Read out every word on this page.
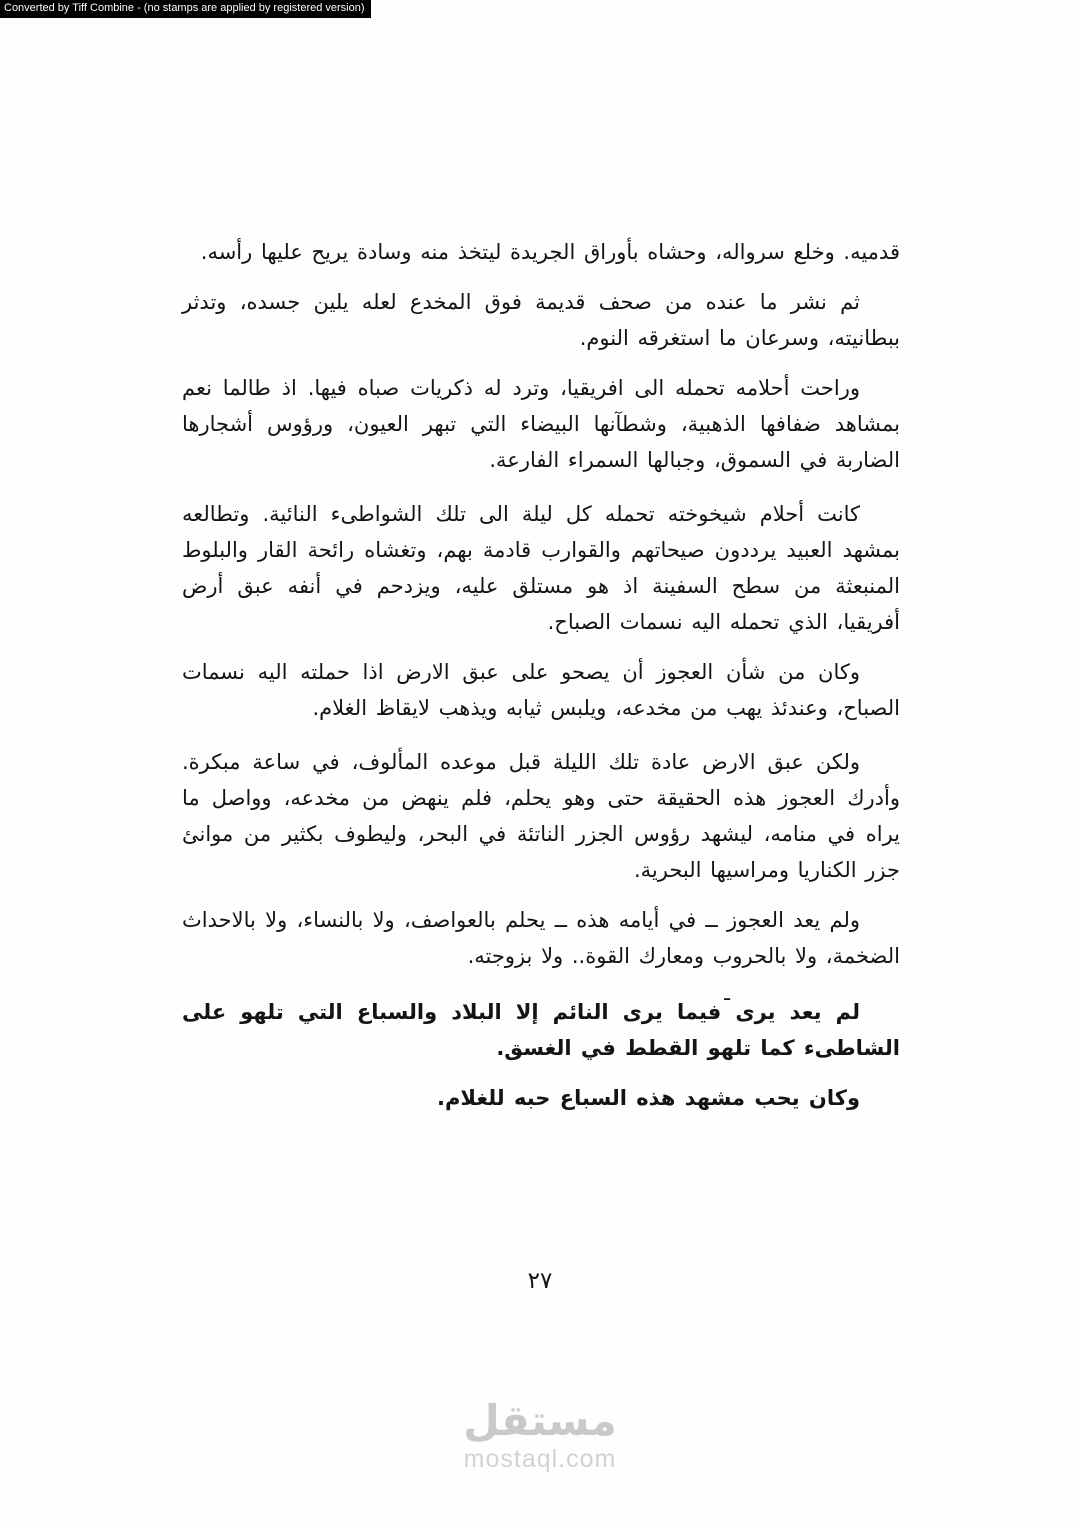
Converted by Tiff Combine - (no stamps are applied by registered version)

قدميه. وخلع سرواله، وحشاه بأوراق الجريدة ليتخذ منه وسادة يريح عليها رأسه.

ثم نشر ما عنده من صحف قديمة فوق المخدع لعله يلين جسده، وتدثر ببطانيته، وسرعان ما استغرقه النوم.

وراحت أحلامه تحمله الى افريقيا، وترد له ذكريات صباه فيها. اذ طالما نعم بمشاهد ضفافها الذهبية، وشطآنها البيضاء التي تبهر العيون، ورؤوس أشجارها الضاربة في السموق، وجبالها السمراء الفارعة.

كانت أحلام شيخوخته تحمله كل ليلة الى تلك الشواطىء النائية. وتطالعه بمشهد العبيد يرددون صيحاتهم والقوارب قادمة بهم، وتغشاه رائحة القار والبلوط المنبعثة من سطح السفينة اذ هو مستلق عليه، ويزدحم في أنفه عبق أرض أفريقيا، الذي تحمله اليه نسمات الصباح.

وكان من شأن العجوز أن يصحو على عبق الارض اذا حملته اليه نسمات الصباح، وعندئذ يهب من مخدعه، ويلبس ثيابه ويذهب لايقاظ الغلام.

ولكن عبق الارض عادة تلك الليلة قبل موعده المألوف، في ساعة مبكرة. وأدرك العجوز هذه الحقيقة حتى وهو يحلم، فلم ينهض من مخدعه، وواصل ما يراه في منامه، ليشهد رؤوس الجزر الناتئة في البحر، وليطوف بكثير من موانئ جزر الكناريا ومراسيها البحرية.

ولم يعد العجوز ــ في أيامه هذه ــ يحلم بالعواصف، ولا بالنساء، ولا بالاحداث الضخمة، ولا بالحروب ومعارك القوة.. ولا بزوجته.

ـ

لم يعد يرى فيما يرى النائم إلا البلاد والسباع التي تلهو على الشاطىء كما تلهو القطط في الغسق.

وكان يحب مشهد هذه السباع حبه للغلام.

٢٧
مستقل
mostaql.com
